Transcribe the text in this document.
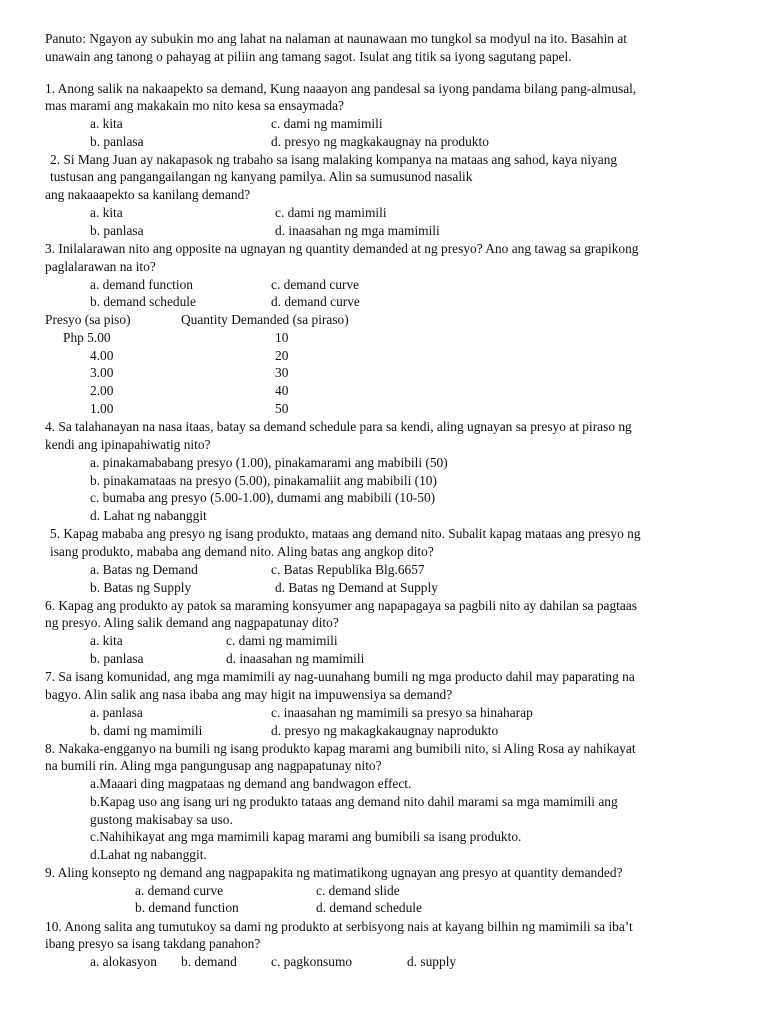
Panuto: Ngayon ay subukin mo ang lahat na nalaman at naunawaan mo tungkol sa modyul na ito. Basahin at
unawain ang tanong o pahayag at piliin ang tamang sagot. Isulat ang titik sa iyong sagutang papel.
1. Anong salik na nakaapekto sa demand, Kung naaayon ang pandesal sa iyong pandama bilang pang-almusal,
mas marami ang makakain mo nito kesa sa ensaymada?
a. kita	c. dami ng mamimili
b. panlasa	d. presyo ng magkakaugnay na produkto
2. Si Mang Juan ay nakapasok ng trabaho sa isang malaking kompanya na mataas ang sahod, kaya niyang
tustusan ang pangangailangan ng kanyang pamilya. Alin sa sumusunod nasalik
ang nakaaapekto sa kanilang demand?
a. kita	c. dami ng mamimili
b. panlasa	d. inaasahan ng mga mamimili
3. Inilalarawan nito ang opposite na ugnayan ng quantity demanded at ng presyo? Ano ang tawag sa grapikong
paglalarawan na ito?
a. demand function	c. demand curve
b. demand schedule	d. demand curve
Presyo (sa piso)	Quantity Demanded (sa piraso)
Php 5.00	10
4.00	20
3.00	30
2.00	40
1.00	50
4. Sa talahanayan na nasa itaas, batay sa demand schedule para sa kendi, aling ugnayan sa presyo at piraso ng
kendi ang ipinapahiwatig nito?
a. pinakamababang presyo (1.00), pinakamarami ang mabibili (50)
b. pinakamataas na presyo (5.00), pinakamaliit ang mabibili (10)
c. bumaba ang presyo (5.00-1.00), dumami ang mabibili (10-50)
d. Lahat ng nabanggit
5. Kapag mababa ang presyo ng isang produkto, mataas ang demand nito. Subalit kapag mataas ang presyo ng
isang produkto, mababa ang demand nito. Aling batas ang angkop dito?
a. Batas ng Demand	c. Batas Republika Blg.6657
b. Batas ng Supply	d. Batas ng Demand at Supply
6. Kapag ang produkto ay patok sa maraming konsyumer ang napapagaya sa pagbili nito ay dahilan sa pagtaas
ng presyo. Aling salik demand ang nagpapatunay dito?
a. kita	c. dami ng mamimili
b. panlasa	d. inaasahan ng mamimili
7. Sa isang komunidad, ang mga mamimili ay nag-uunahang bumili ng mga producto dahil may paparating na
bagyo. Alin salik ang nasa ibaba ang may higit na impuwensiya sa demand?
a. panlasa	c. inaasahan ng mamimili sa presyo sa hinaharap
b. dami ng mamimili	d. presyo ng makagkakaugnay naprodukto
8. Nakaka-engganyo na bumili ng isang produkto kapag marami ang bumibili nito, si Aling Rosa ay nahikayat
na bumili rin. Aling mga pangungusap ang nagpapatunay nito?
a.Maaari ding magpataas ng demand ang bandwagon effect.
b.Kapag uso ang isang uri ng produkto tataas ang demand nito dahil marami sa mga mamimili ang
gustong makisabay sa uso.
c.Nahihikayat ang mga mamimili kapag marami ang bumibili sa isang produkto.
d.Lahat ng nabanggit.
9. Aling konsepto ng demand ang nagpapakita ng matimatikong ugnayan ang presyo at quantity demanded?
a. demand curve	c. demand slide
b. demand function	d. demand schedule
10. Anong salita ang tumutukoy sa dami ng produkto at serbisyong nais at kayang bilhin ng mamimili sa iba’t
ibang presyo sa isang takdang panahon?
a. alokasyon b. demand	c. pagkonsumo	d. supply
